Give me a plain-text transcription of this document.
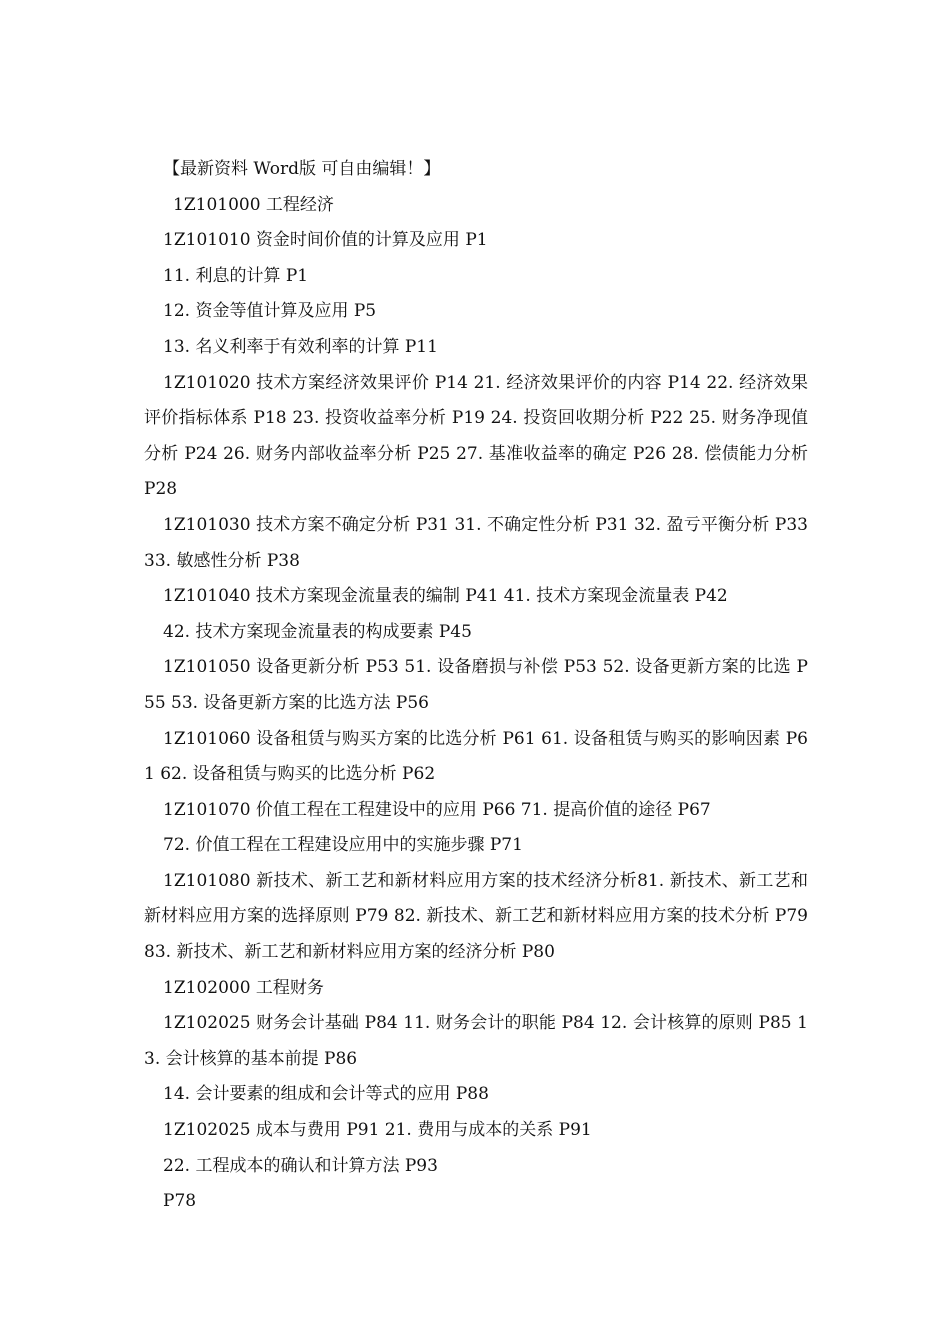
【最新资料 Word版 可自由编辑！】

1Z101000 工程经济

1Z101010 资金时间价值的计算及应用 P1

11. 利息的计算 P1

12. 资金等值计算及应用 P5

13. 名义利率于有效利率的计算 P11

1Z101020 技术方案经济效果评价 P14 21. 经济效果评价的内容 P14 22. 经济效果评价指标体系 P18 23. 投资收益率分析 P19 24. 投资回收期分析 P22 25. 财务净现值分析 P24 26. 财务内部收益率分析 P25 27. 基准收益率的确定 P26 28. 偿债能力分析 P28

1Z101030 技术方案不确定分析 P31 31. 不确定性分析 P31 32. 盈亏平衡分析 P33 33. 敏感性分析 P38

1Z101040 技术方案现金流量表的编制 P41 41. 技术方案现金流量表 P42

42. 技术方案现金流量表的构成要素 P45

1Z101050 设备更新分析 P53 51. 设备磨损与补偿 P53 52. 设备更新方案的比选 P55 53. 设备更新方案的比选方法 P56

1Z101060 设备租赁与购买方案的比选分析 P61 61. 设备租赁与购买的影响因素 P61 62. 设备租赁与购买的比选分析 P62

1Z101070 价值工程在工程建设中的应用 P66 71. 提高价值的途径 P67

72. 价值工程在工程建设应用中的实施步骤 P71

1Z101080 新技术、新工艺和新材料应用方案的技术经济分析81. 新技术、新工艺和新材料应用方案的选择原则 P79 82. 新技术、新工艺和新材料应用方案的技术分析 P79 83. 新技术、新工艺和新材料应用方案的经济分析 P80

1Z102000 工程财务

1Z102025 财务会计基础 P84 11. 财务会计的职能 P84 12. 会计核算的原则 P85 13. 会计核算的基本前提 P86

14. 会计要素的组成和会计等式的应用 P88

1Z102025 成本与费用 P91 21. 费用与成本的关系 P91

22. 工程成本的确认和计算方法 P93

P78
